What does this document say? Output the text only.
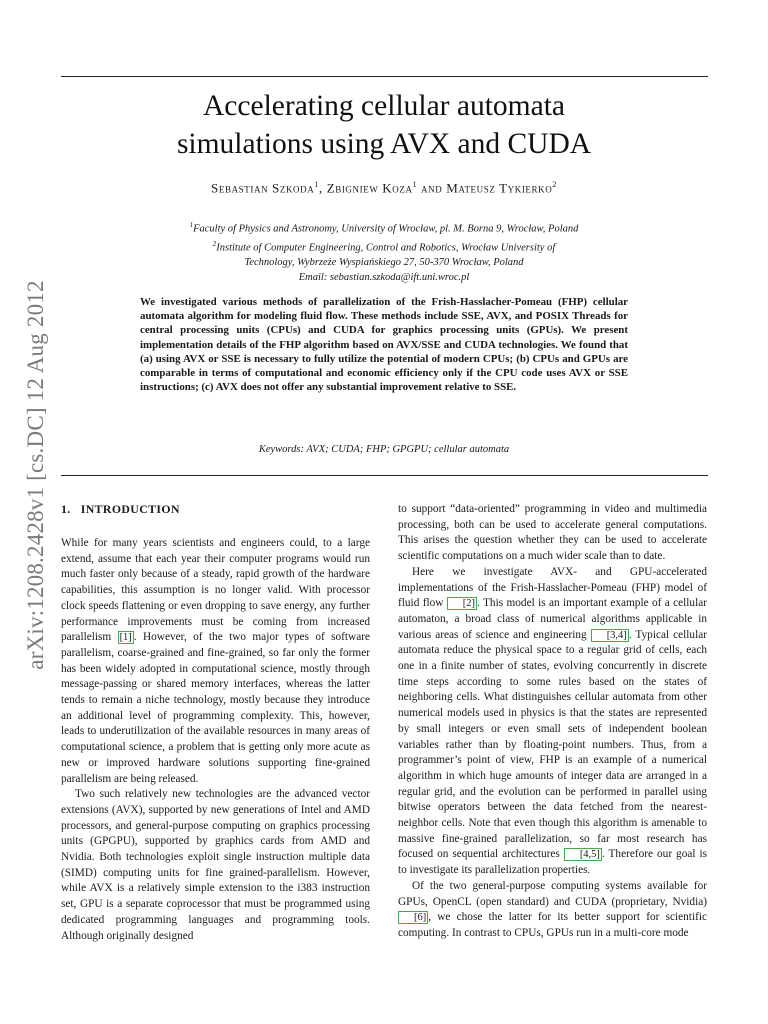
arXiv:1208.2428v1 [cs.DC] 12 Aug 2012
Accelerating cellular automata
simulations using AVX and CUDA
Sebastian Szkoda$^1$, Zbigniew Koza$^1$ and Mateusz Tykierko$^2$
$^1$Faculty of Physics and Astronomy, University of Wrocław, pl. M. Borna 9, Wrocław, Poland
$^2$Institute of Computer Engineering, Control and Robotics, Wrocław University of
Technology, Wybrzeże Wyspiańskiego 27, 50-370 Wrocław, Poland
Email: sebastian.szkoda@ift.uni.wroc.pl
We investigated various methods of parallelization of the Frish-Hasslacher-Pomeau (FHP) cellular automata algorithm for modeling fluid flow. These methods include SSE, AVX, and POSIX Threads for central processing units (CPUs) and CUDA for graphics processing units (GPUs). We present implementation details of the FHP algorithm based on AVX/SSE and CUDA technologies. We found that (a) using AVX or SSE is necessary to fully utilize the potential of modern CPUs; (b) CPUs and GPUs are comparable in terms of computational and economic efficiency only if the CPU code uses AVX or SSE instructions; (c) AVX does not offer any substantial improvement relative to SSE.
Keywords: AVX; CUDA; FHP; GPGPU; cellular automata
1. INTRODUCTION

While for many years scientists and engineers could, to a large extend, assume that each year their computer programs would run much faster only because of a steady, rapid growth of the hardware capabilities, this assumption is no longer valid. With processor clock speeds flattening or even dropping to save energy, any further performance improvements must be coming from increased parallelism [1] . However, of the two major types of software parallelism, coarse-grained and fine-grained, so far only the former has been widely adopted in computational science, mostly through message-passing or shared memory interfaces, whereas the latter tends to remain a niche technology, mostly because they introduce an additional level of programming complexity. This, however, leads to underutilization of the available resources in many areas of computational science, a problem that is getting only more acute as new or improved hardware solutions supporting fine-grained parallelism are being released.

Two such relatively new technologies are the advanced vector extensions (AVX), supported by new generations of Intel and AMD processors, and general-purpose computing on graphics processing units (GPGPU), supported by graphics cards from AMD and Nvidia. Both technologies exploit single instruction multiple data (SIMD) computing units for fine grained-parallelism. However, while AVX is a relatively simple extension to the i383 instruction set, GPU is a separate coprocessor that must be programmed using dedicated programming languages and programming tools. Although originally designed

to support “data-oriented” programming in video and multimedia processing, both can be used to accelerate general computations. This arises the question whether they can be used to accelerate scientific computations on a much wider scale than to date.

Here we investigate AVX- and GPU-accelerated implementations of the Frish-Hasslacher-Pomeau (FHP) model of fluid flow [2] . This model is an important example of a cellular automaton, a broad class of numerical algorithms applicable in various areas of science and engineering [3,4] . Typical cellular automata reduce the physical space to a regular grid of cells, each one in a finite number of states, evolving concurrently in discrete time steps according to some rules based on the states of neighboring cells. What distinguishes cellular automata from other numerical models used in physics is that the states are represented by small integers or even small sets of independent boolean variables rather than by floating-point numbers. Thus, from a programmer’s point of view, FHP is an example of a numerical algorithm in which huge amounts of integer data are arranged in a regular grid, and the evolution can be performed in parallel using bitwise operators between the data fetched from the nearest-neighbor cells. Note that even though this algorithm is amenable to massive fine-grained parallelization, so far most research has focused on sequential architectures [4,5] . Therefore our goal is to investigate its parallelization properties.

Of the two general-purpose computing systems available for GPUs, OpenCL (open standard) and CUDA (proprietary, Nvidia) [6] , we chose the latter for its better support for scientific computing. In contrast to CPUs, GPUs run in a multi-core mode
